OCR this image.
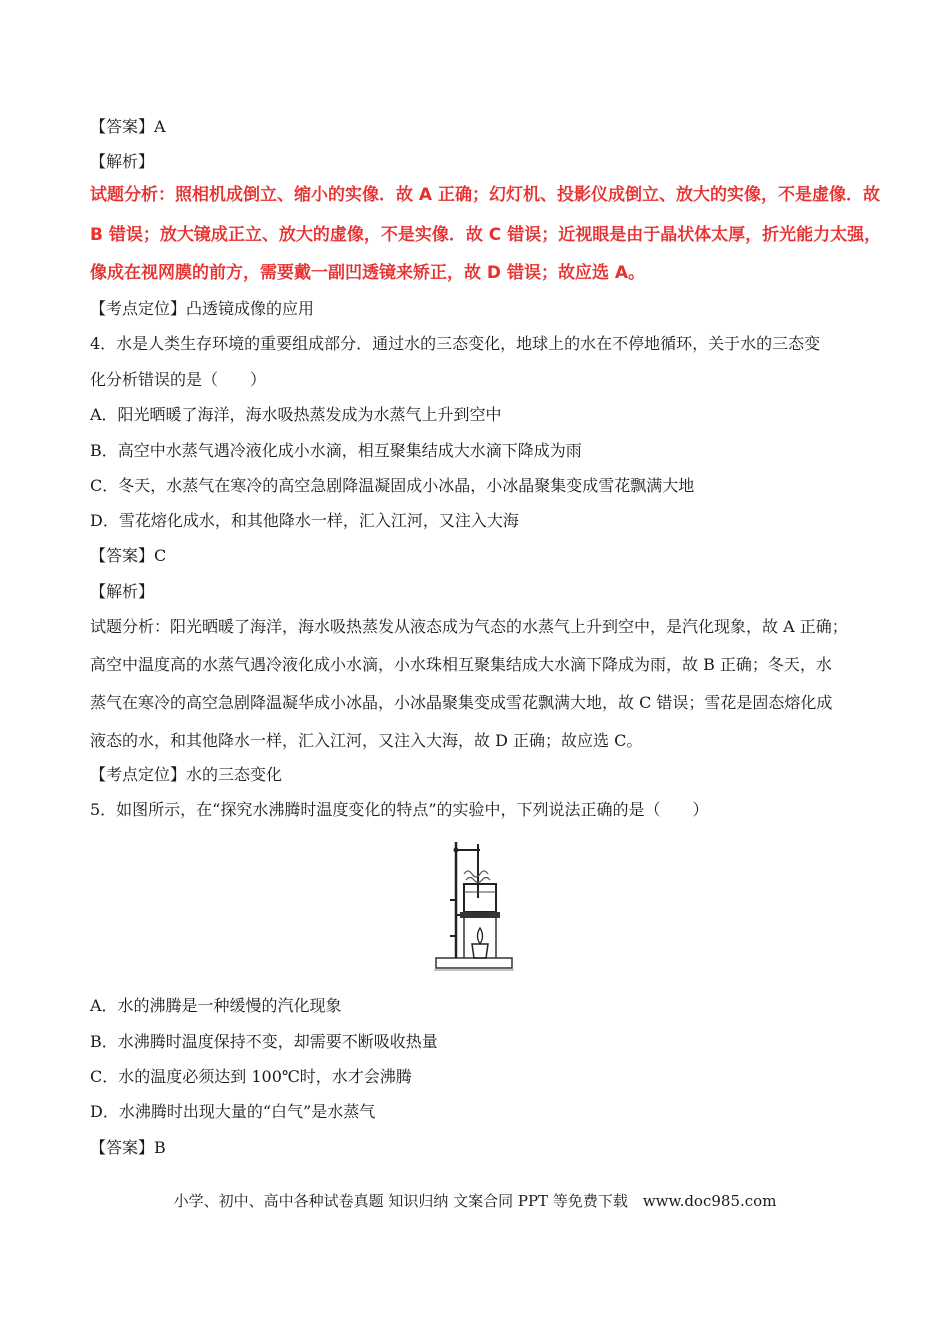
【答案】A
【解析】
试题分析：照相机成倒立、缩小的实像．故 A 正确；幻灯机、投影仪成倒立、放大的实像，不是虚像．故
B 错误；放大镜成正立、放大的虚像，不是实像．故 C 错误；近视眼是由于晶状体太厚，折光能力太强，
像成在视网膜的前方，需要戴一副凹透镜来矫正，故 D 错误；故应选 A。
【考点定位】凸透镜成像的应用
4．水是人类生存环境的重要组成部分．通过水的三态变化，地球上的水在不停地循环，关于水的三态变
化分析错误的是（　　）
A．阳光晒暖了海洋，海水吸热蒸发成为水蒸气上升到空中
B．高空中水蒸气遇冷液化成小水滴，相互聚集结成大水滴下降成为雨
C．冬天，水蒸气在寒冷的高空急剧降温凝固成小冰晶，小冰晶聚集变成雪花飘满大地
D．雪花熔化成水，和其他降水一样，汇入江河，又注入大海
【答案】C
【解析】
试题分析：阳光晒暖了海洋，海水吸热蒸发从液态成为气态的水蒸气上升到空中，是汽化现象，故 A 正确；
高空中温度高的水蒸气遇冷液化成小水滴，小水珠相互聚集结成大水滴下降成为雨，故 B 正确；冬天，水
蒸气在寒冷的高空急剧降温凝华成小冰晶，小冰晶聚集变成雪花飘满大地，故 C 错误；雪花是固态熔化成
液态的水，和其他降水一样，汇入江河，又注入大海，故 D 正确；故应选 C。
【考点定位】水的三态变化
5．如图所示，在“探究水沸腾时温度变化的特点”的实验中，下列说法正确的是（　　）
A．水的沸腾是一种缓慢的汽化现象
B．水沸腾时温度保持不变，却需要不断吸收热量
C．水的温度必须达到 100℃时，水才会沸腾
D．水沸腾时出现大量的“白气”是水蒸气
【答案】B
小学、初中、高中各种试卷真题 知识归纳 文案合同 PPT 等免费下载　www.doc985.com
